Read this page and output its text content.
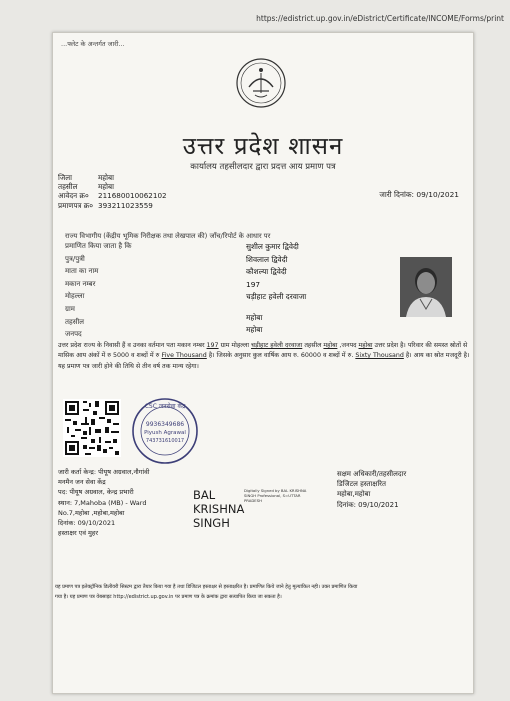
https://edistrict.up.gov.in/eDistrict/Certificate/INCOME/Forms/print
...फ्लेट के अन्तर्गत जारी...
उत्तर प्रदेश शासन
कार्यालय तहसीलदार द्वारा प्रदत्त आय प्रमाण पत्र
जिला	महोबा
तहसील	महोबा
आवेदन क्र० 211680010062102
प्रमाणपत्र क्र० 393211023559
जारी दिनांक: 09/10/2021
राज्य विभागीय (केंद्रीय भूमिक निरीक्षक तथा लेखपाल की) जाँच/रिपोर्ट के आधार पर
प्रमाणित किया जाता है कि	सुशील कुमार द्विवेदी
पुत्र/पुत्री	शिवलाल द्विवेदी
माता का नाम	कौशल्या द्विवेदी
मकान नम्बर	197
मोहल्ला	चड़ीहाट हवेली दरवाजा
ग्राम
तहसील	महोबा
जनपद	महोबा
उत्तर प्रदेश राज्य के निवासी हैं व उनका वर्तमान पता मकान नम्बर 197 ग्राम मोहल्ला चड़ीहाट हवेली दरवाजा तहसील महोबा ,जनपद महोबा उत्तर प्रदेश है। परिवार की समस्त स्रोतों से मासिक आय अंकों में रु 5000 व शब्दों में रु Five Thousand है। जिसके अनुसार कुल वार्षिक आय रु. 60000 व शब्दों में रु. Sixty Thousand है। आय का स्रोत मजदूरी है। यह प्रमाण पत्र जारी होने की तिथि से तीन वर्ष तक मान्य रहेगा।
CSC जनसेवा केंद्र
9936349686
Piyush Agrawal
743731610017
जारी कर्ता केन्द्र: पीयूष अग्रवाल,नौगांवी
मनमैन जन सेवा केंद्र
पद: पीयूष अग्रवाल, केन्द्र प्रभारी
स्थान: 7,Mahoba (MB) - Ward
No.7,महोबा ,महोबा,महोबा
दिनांक: 09/10/2021
हस्ताक्षर एवं मुहर
BAL
KRISHNA
SINGH
Digitally Signed by BAL KRISHNA SINGH Professional, S=UTTAR PRADESH
सक्षम अधिकारी/तहसीलदार
डिजिटल हस्ताक्षरित
महोबा,महोबा
दिनांक: 09/10/2021
यह प्रमाण पत्र इलेक्ट्रॉनिक डिलीवरी सिस्टम द्वारा तैयार किया गया है तथा डिजिटल हस्ताक्षर से हस्ताक्षरित है। प्रमाणित किये जाने हेतु मूल्यांकित नही। उक्त प्रमाणित किया
गया है। यह प्रमाण पत्र वेबसाइट http://edistrict.up.gov.in पर प्रमाण पत्र के क्रमांक द्वारा सत्यापित किया जा सकता है।
